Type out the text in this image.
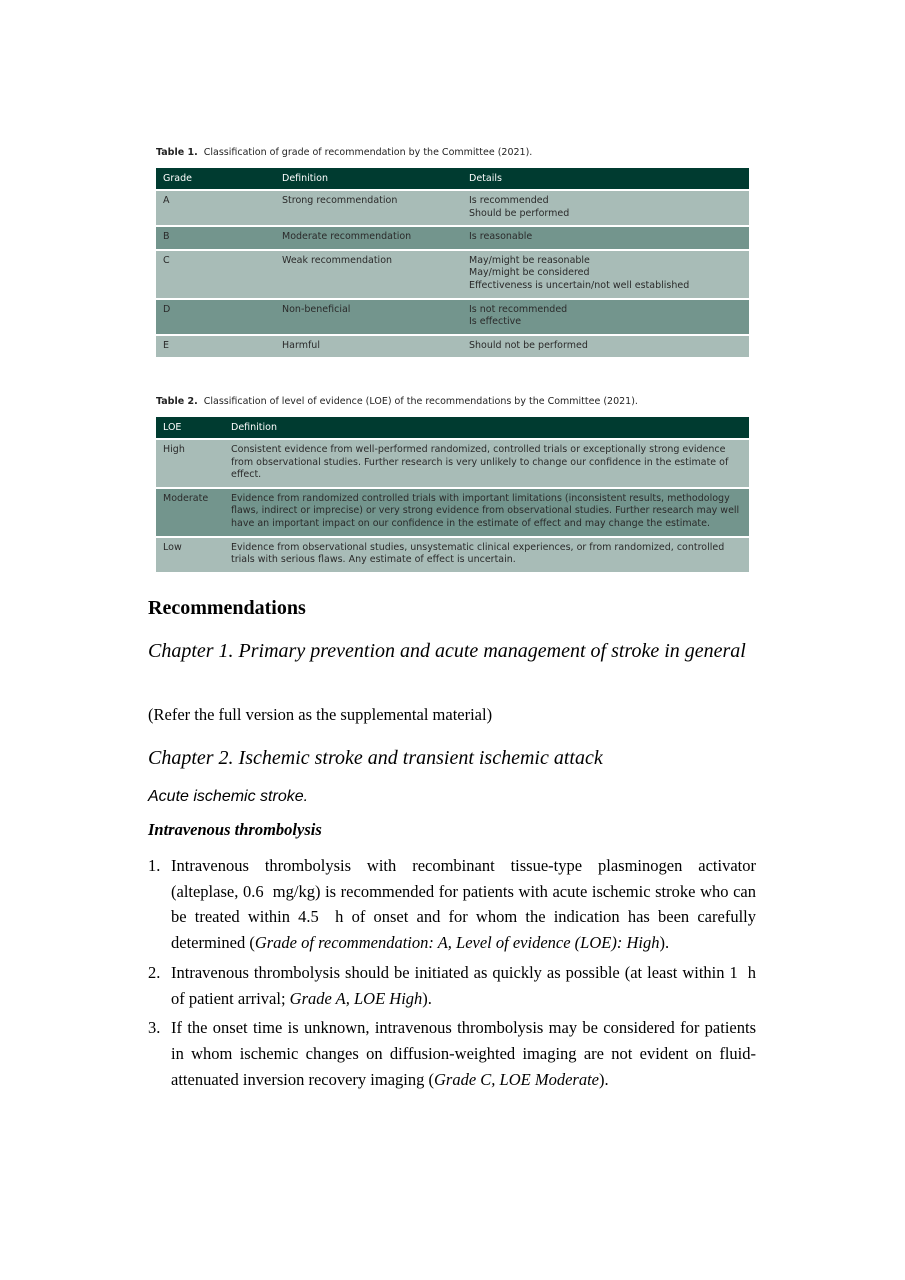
Table 1. Classification of grade of recommendation by the Committee (2021).
Grade	Definition	Details
A	Strong recommendation	Is recommended
Should be performed
B	Moderate recommendation	Is reasonable
C	Weak recommendation	May/might be reasonable
May/might be considered
Effectiveness is uncertain/not well established
D	Non-beneficial	Is not recommended
Is effective
E	Harmful	Should not be performed
Table 2. Classification of level of evidence (LOE) of the recommendations by the Committee (2021).
LOE	Definition
High	Consistent evidence from well-performed randomized, controlled trials or exceptionally strong evidence from observational studies. Further research is very unlikely to change our confidence in the estimate of effect.
Moderate	Evidence from randomized controlled trials with important limitations (inconsistent results, methodology flaws, indirect or imprecise) or very strong evidence from observational studies. Further research may well have an important impact on our confidence in the estimate of effect and may change the estimate.
Low	Evidence from observational studies, unsystematic clinical experiences, or from randomized, controlled trials with serious flaws. Any estimate of effect is uncertain.
Recommendations
Chapter 1. Primary prevention and acute management of stroke in general
(Refer the full version as the supplemental material)
Chapter 2. Ischemic stroke and transient ischemic attack
Acute ischemic stroke.
Intravenous thrombolysis
1. Intravenous thrombolysis with recombinant tissue-type plasminogen activator (alteplase, 0.6  mg/kg) is recommended for patients with acute ischemic stroke who can be treated within 4.5  h of onset and for whom the indication has been carefully determined (Grade of recommendation: A, Level of evidence (LOE): High).
2. Intravenous thrombolysis should be initiated as quickly as possible (at least within 1  h of patient arrival; Grade A, LOE High).
3. If the onset time is unknown, intravenous thrombolysis may be considered for patients in whom ischemic changes on diffusion-weighted imaging are not evident on fluid-attenuated inversion recovery imaging (Grade C, LOE Moderate).
